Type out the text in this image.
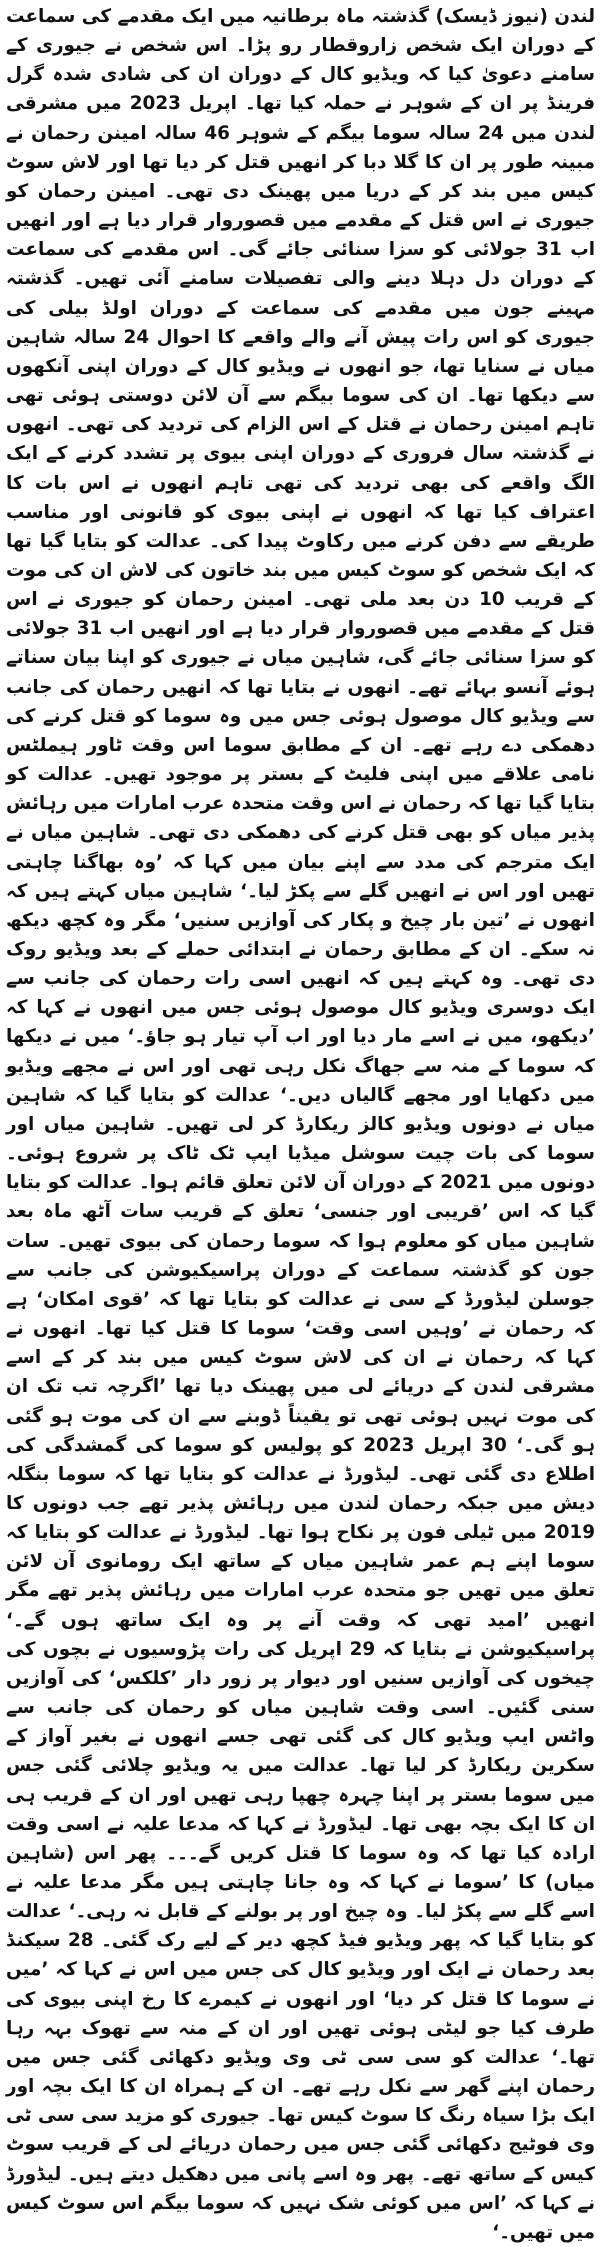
لندن (نیوز ڈیسک) گذشتہ ماہ برطانیہ میں ایک مقدمے کی سماعت کے دوران ایک شخص زاروقطار رو پڑا۔ اس شخص نے جیوری کے سامنے دعویٰ کیا کہ ویڈیو کال کے دوران ان کی شادی شدہ گرل فرینڈ پر ان کے شوہر نے حملہ کیا تھا۔ اپریل 2023 میں مشرقی لندن میں 24 سالہ سوما بیگم کے شوہر 46 سالہ امینن رحمان نے مبینہ طور پر ان کا گلا دبا کر انھیں قتل کر دیا تھا اور لاش سوٹ کیس میں بند کر کے دریا میں پھینک دی تھی۔ امینن رحمان کو جیوری نے اس قتل کے مقدمے میں قصوروار قرار دیا ہے اور انھیں اب 31 جولائی کو سزا سنائی جائے گی۔ اس مقدمے کی سماعت کے دوران دل دہلا دینے والی تفصیلات سامنے آئی تھیں۔ گذشتہ مہینے جون میں مقدمے کی سماعت کے دوران اولڈ بیلی کی جیوری کو اس رات پیش آنے والے واقعے کا احوال 24 سالہ شاہین میاں نے سنایا تھا، جو انھوں نے ویڈیو کال کے دوران اپنی آنکھوں سے دیکھا تھا۔ ان کی سوما بیگم سے آن لائن دوستی ہوئی تھی تاہم امینن رحمان نے قتل کے اس الزام کی تردید کی تھی۔ انھوں نے گذشتہ سال فروری کے دوران اپنی بیوی پر تشدد کرنے کے ایک الگ واقعے کی بھی تردید کی تھی تاہم انھوں نے اس بات کا اعتراف کیا تھا کہ انھوں نے اپنی بیوی کو قانونی اور مناسب طریقے سے دفن کرنے میں رکاوٹ پیدا کی۔ عدالت کو بتایا گیا تھا کہ ایک شخص کو سوٹ کیس میں بند خاتون کی لاش ان کی موت کے قریب 10 دن بعد ملی تھی۔ امینن رحمان کو جیوری نے اس قتل کے مقدمے میں قصوروار قرار دیا ہے اور انھیں اب 31 جولائی کو سزا سنائی جائے گی، شاہین میاں نے جیوری کو اپنا بیان سناتے ہوئے آنسو بہائے تھے۔ انھوں نے بتایا تھا کہ انھیں رحمان کی جانب سے ویڈیو کال موصول ہوئی جس میں وہ سوما کو قتل کرنے کی دھمکی دے رہے تھے۔ ان کے مطابق سوما اس وقت ٹاور ہیملٹس نامی علاقے میں اپنی فلیٹ کے بستر پر موجود تھیں۔ عدالت کو بتایا گیا تھا کہ رحمان نے اس وقت متحدہ عرب امارات میں رہائش پذیر میاں کو بھی قتل کرنے کی دھمکی دی تھی۔ شاہین میاں نے ایک مترجم کی مدد سے اپنے بیان میں کہا کہ ’وہ بھاگنا چاہتی تھیں اور اس نے انھیں گلے سے پکڑ لیا۔‘ شاہین میاں کہتے ہیں کہ انھوں نے ’تین بار چیخ و پکار کی آوازیں سنیں‘ مگر وہ کچھ دیکھ نہ سکے۔ ان کے مطابق رحمان نے ابتدائی حملے کے بعد ویڈیو روک دی تھی۔ وہ کہتے ہیں کہ انھیں اسی رات رحمان کی جانب سے ایک دوسری ویڈیو کال موصول ہوئی جس میں انھوں نے کہا کہ ’دیکھو، میں نے اسے مار دیا اور اب آپ تیار ہو جاؤ۔‘ میں نے دیکھا کہ سوما کے منہ سے جھاگ نکل رہی تھی اور اس نے مجھے ویڈیو میں دکھایا اور مجھے گالیاں دیں۔‘ عدالت کو بتایا گیا کہ شاہین میاں نے دونوں ویڈیو کالز ریکارڈ کر لی تھیں۔ شاہین میاں اور سوما کی بات چیت سوشل میڈیا ایپ ٹک ٹاک پر شروع ہوئی۔ دونوں میں 2021 کے دوران آن لائن تعلق قائم ہوا۔ عدالت کو بتایا گیا کہ اس ’قریبی اور جنسی‘ تعلق کے قریب سات آٹھ ماہ بعد شاہین میاں کو معلوم ہوا کہ سوما رحمان کی بیوی تھیں۔ سات جون کو گذشتہ سماعت کے دوران پراسیکیوشن کی جانب سے جوسلن لیڈورڈ کے سی نے عدالت کو بتایا تھا کہ ’قوی امکان‘ ہے کہ رحمان نے ’وہیں اسی وقت‘ سوما کا قتل کیا تھا۔ انھوں نے کہا کہ رحمان نے ان کی لاش سوٹ کیس میں بند کر کے اسے مشرقی لندن کے دریائے لی میں پھینک دیا تھا ’اگرچہ تب تک ان کی موت نہیں ہوئی تھی تو یقیناً ڈوبنے سے ان کی موت ہو گئی ہو گی۔‘ 30 اپریل 2023 کو پولیس کو سوما کی گمشدگی کی اطلاع دی گئی تھی۔ لیڈورڈ نے عدالت کو بتایا تھا کہ سوما بنگلہ دیش میں جبکہ رحمان لندن میں رہائش پذیر تھے جب دونوں کا 2019 میں ٹیلی فون پر نکاح ہوا تھا۔ لیڈورڈ نے عدالت کو بتایا کہ سوما اپنے ہم عمر شاہین میاں کے ساتھ ایک رومانوی آن لائن تعلق میں تھیں جو متحدہ عرب امارات میں رہائش پذیر تھے مگر انھیں ’امید تھی کہ وقت آنے پر وہ ایک ساتھ ہوں گے۔‘ پراسیکیوشن نے بتایا کہ 29 اپریل کی رات پڑوسیوں نے بچوں کی چیخوں کی آوازیں سنیں اور دیوار پر زور دار ’کلکس‘ کی آوازیں سنی گئیں۔ اسی وقت شاہین میاں کو رحمان کی جانب سے واٹس ایپ ویڈیو کال کی گئی تھی جسے انھوں نے بغیر آواز کے سکرین ریکارڈ کر لیا تھا۔ عدالت میں یہ ویڈیو چلائی گئی جس میں سوما بستر پر اپنا چہرہ چھپا رہی تھیں اور ان کے قریب ہی ان کا ایک بچہ بھی تھا۔ لیڈورڈ نے کہا کہ مدعا علیہ نے اسی وقت ارادہ کیا تھا کہ وہ سوما کا قتل کریں گے۔۔۔ پھر اس (شاہین میاں) کا ’سوما نے کہا کہ وہ جانا چاہتی ہیں مگر مدعا علیہ نے اسے گلے سے پکڑ لیا۔ وہ چیخ اور پر بولنے کے قابل نہ رہی۔‘ عدالت کو بتایا گیا کہ پھر ویڈیو فیڈ کچھ دیر کے لیے رک گئی۔ 28 سیکنڈ بعد رحمان نے ایک اور ویڈیو کال کی جس میں اس نے کہا کہ ’میں نے سوما کا قتل کر دیا‘ اور انھوں نے کیمرے کا رخ اپنی بیوی کی طرف کیا جو لیٹی ہوئی تھیں اور ان کے منہ سے تھوک بہہ رہا تھا۔‘ عدالت کو سی سی ٹی وی ویڈیو دکھائی گئی جس میں رحمان اپنے گھر سے نکل رہے تھے۔ ان کے ہمراہ ان کا ایک بچہ اور ایک بڑا سیاہ رنگ کا سوٹ کیس تھا۔ جیوری کو مزید سی سی ٹی وی فوٹیج دکھائی گئی جس میں رحمان دریائے لی کے قریب سوٹ کیس کے ساتھ تھے۔ پھر وہ اسے پانی میں دھکیل دیتے ہیں۔ لیڈورڈ نے کہا کہ ’اس میں کوئی شک نہیں کہ سوما بیگم اس سوٹ کیس میں تھیں۔‘
